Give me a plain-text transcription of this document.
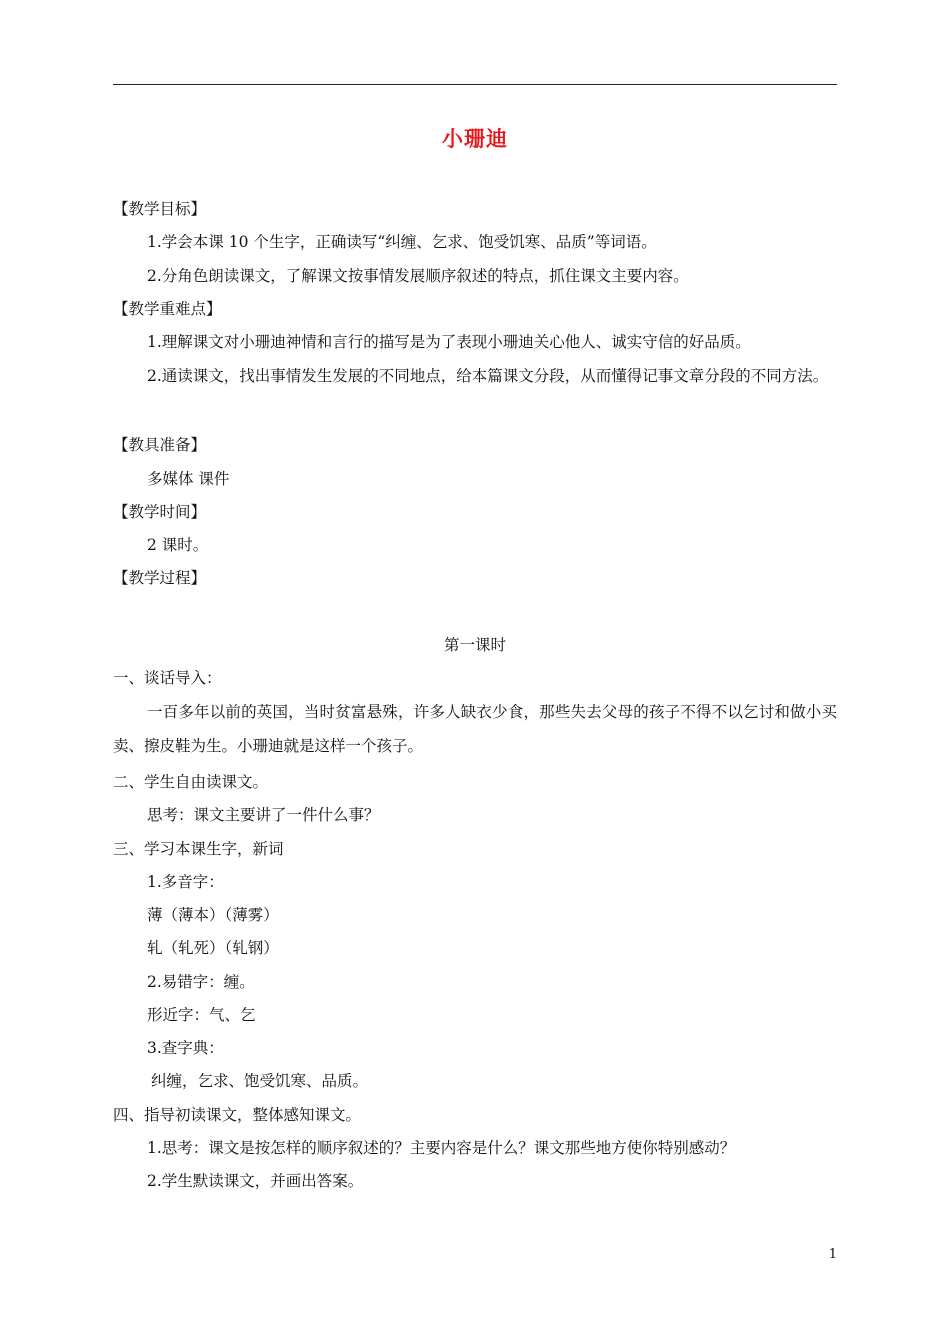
小珊迪
【教学目标】
1.学会本课 10 个生字，正确读写“纠缠、乞求、饱受饥寒、品质”等词语。
2.分角色朗读课文，了解课文按事情发展顺序叙述的特点，抓住课文主要内容。
【教学重难点】
1.理解课文对小珊迪神情和言行的描写是为了表现小珊迪关心他人、诚实守信的好品质。
2.通读课文，找出事情发生发展的不同地点，给本篇课文分段，从而懂得记事文章分段的不同方法。
【教具准备】
多媒体 课件
【教学时间】
2 课时。
【教学过程】
第一课时
一、谈话导入：
一百多年以前的英国，当时贫富悬殊，许多人缺衣少食，那些失去父母的孩子不得不以乞讨和做小买卖、擦皮鞋为生。小珊迪就是这样一个孩子。
二、学生自由读课文。
思考：课文主要讲了一件什么事？
三、学习本课生字，新词
1.多音字：
薄（薄本）（薄雾）
轧（轧死）（轧钢）
2.易错字：缠。
形近字：气、乞
3.查字典：
纠缠，乞求、饱受饥寒、品质。
四、指导初读课文，整体感知课文。
1.思考：课文是按怎样的顺序叙述的？主要内容是什么？课文那些地方使你特别感动？
2.学生默读课文，并画出答案。
1
